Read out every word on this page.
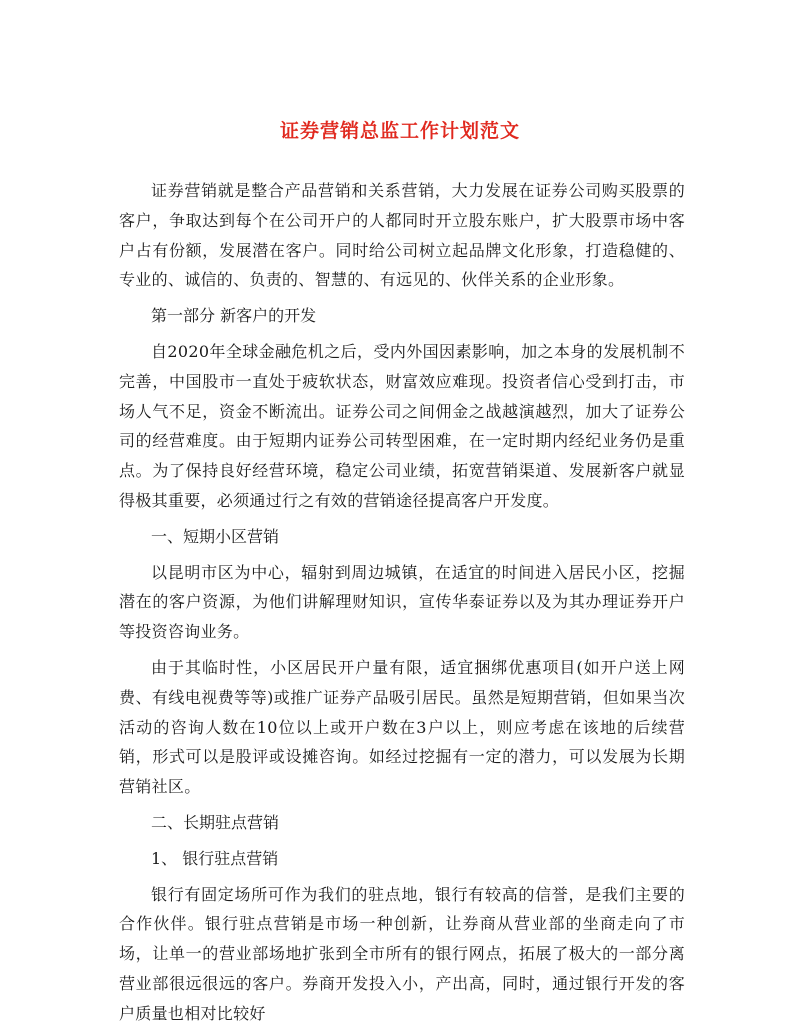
证券营销总监工作计划范文

证券营销就是整合产品营销和关系营销，大力发展在证券公司购买股票的客户，争取达到每个在公司开户的人都同时开立股东账户，扩大股票市场中客户占有份额，发展潜在客户。同时给公司树立起品牌文化形象，打造稳健的、专业的、诚信的、负责的、智慧的、有远见的、伙伴关系的企业形象。

第一部分 新客户的开发

自2020年全球金融危机之后，受内外国因素影响，加之本身的发展机制不完善，中国股市一直处于疲软状态，财富效应难现。投资者信心受到打击，市场人气不足，资金不断流出。证券公司之间佣金之战越演越烈，加大了证券公司的经营难度。由于短期内证券公司转型困难，在一定时期内经纪业务仍是重点。为了保持良好经营环境，稳定公司业绩，拓宽营销渠道、发展新客户就显得极其重要，必须通过行之有效的营销途径提高客户开发度。

一、短期小区营销

以昆明市区为中心，辐射到周边城镇，在适宜的时间进入居民小区，挖掘潜在的客户资源，为他们讲解理财知识，宣传华泰证券以及为其办理证券开户等投资咨询业务。

由于其临时性，小区居民开户量有限，适宜捆绑优惠项目(如开户送上网费、有线电视费等等)或推广证券产品吸引居民。虽然是短期营销，但如果当次活动的咨询人数在10位以上或开户数在3户以上，则应考虑在该地的后续营销，形式可以是股评或设摊咨询。如经过挖掘有一定的潜力，可以发展为长期营销社区。

二、长期驻点营销

1、 银行驻点营销

银行有固定场所可作为我们的驻点地，银行有较高的信誉，是我们主要的合作伙伴。银行驻点营销是市场一种创新，让券商从营业部的坐商走向了市场，让单一的营业部场地扩张到全市所有的银行网点，拓展了极大的一部分离营业部很远很远的客户。券商开发投入小，产出高，同时，通过银行开发的客户质量也相对比较好
